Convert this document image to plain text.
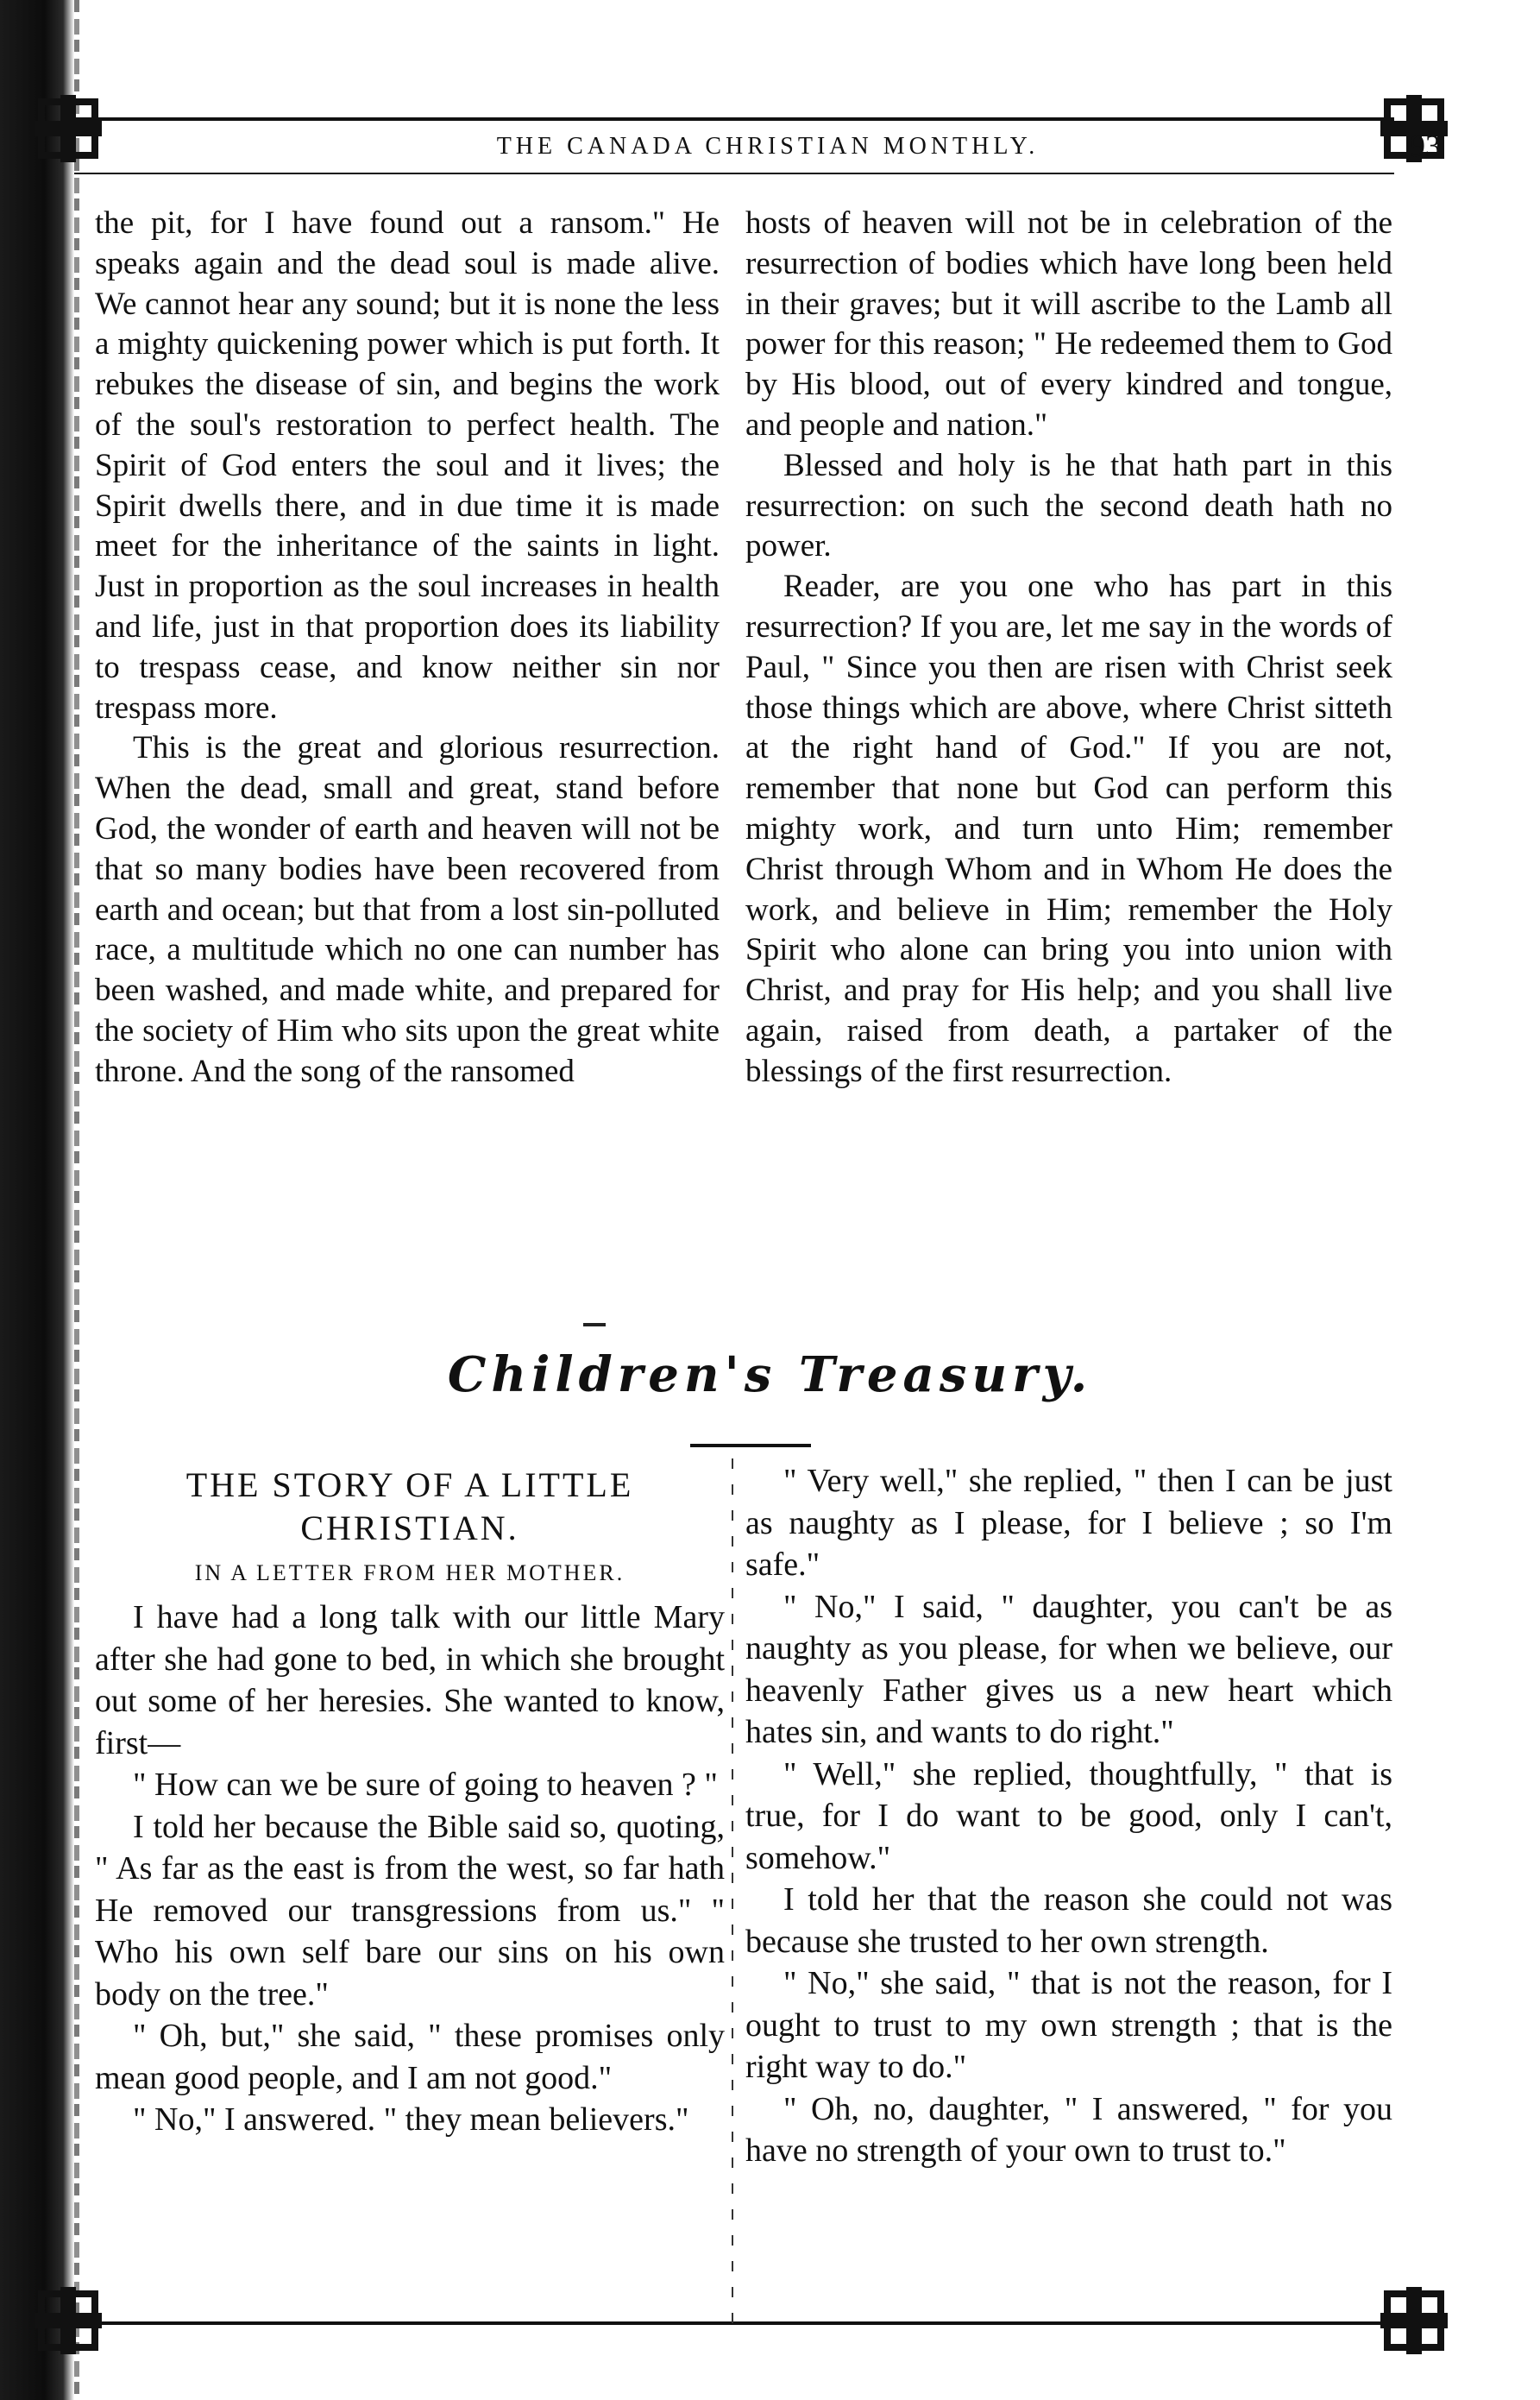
THE CANADA CHRISTIAN MONTHLY.	93

the pit, for I have found out a ransom." He speaks again and the dead soul is made alive. We cannot hear any sound; but it is none the less a mighty quickening power which is put forth. It rebukes the disease of sin, and begins the work of the soul's restoration to perfect health. The Spirit of God enters the soul and it lives; the Spirit dwells there, and in due time it is made meet for the inheritance of the saints in light. Just in proportion as the soul increases in health and life, just in that proportion does its liability to trespass cease, and know neither sin nor trespass more.

This is the great and glorious resurrection. When the dead, small and great, stand before God, the wonder of earth and heaven will not be that so many bodies have been recovered from earth and ocean; but that from a lost sin-polluted race, a multitude which no one can number has been washed, and made white, and prepared for the society of Him who sits upon the great white throne. And the song of the ransomed

hosts of heaven will not be in celebration of the resurrection of bodies which have long been held in their graves; but it will ascribe to the Lamb all power for this reason; " He redeemed them to God by His blood, out of every kindred and tongue, and people and nation."

Blessed and holy is he that hath part in this resurrection: on such the second death hath no power.

Reader, are you one who has part in this resurrection? If you are, let me say in the words of Paul, " Since you then are risen with Christ seek those things which are above, where Christ sitteth at the right hand of God." If you are not, remember that none but God can perform this mighty work, and turn unto Him; remember Christ through Whom and in Whom He does the work, and believe in Him; remember the Holy Spirit who alone can bring you into union with Christ, and pray for His help; and you shall live again, raised from death, a partaker of the blessings of the first resurrection.

Children's Treasury.
THE STORY OF A LITTLE CHRISTIAN.
IN A LETTER FROM HER MOTHER.

I have had a long talk with our little Mary after she had gone to bed, in which she brought out some of her heresies. She wanted to know, first—

" How can we be sure of going to heaven ? "

I told her because the Bible said so, quoting, " As far as the east is from the west, so far hath He removed our transgressions from us." " Who his own self bare our sins on his own body on the tree."

" Oh, but," she said, " these promises only mean good people, and I am not good."

" No," I answered. " they mean believers."

" Very well," she replied, " then I can be just as naughty as I please, for I believe ; so I'm safe."

" No," I said, " daughter, you can't be as naughty as you please, for when we believe, our heavenly Father gives us a new heart which hates sin, and wants to do right."

" Well," she replied, thoughtfully, " that is true, for I do want to be good, only I can't, somehow."

I told her that the reason she could not was because she trusted to her own strength.

" No," she said, " that is not the reason, for I ought to trust to my own strength ; that is the right way to do."

" Oh, no, daughter, " I answered, " for you have no strength of your own to trust to."
